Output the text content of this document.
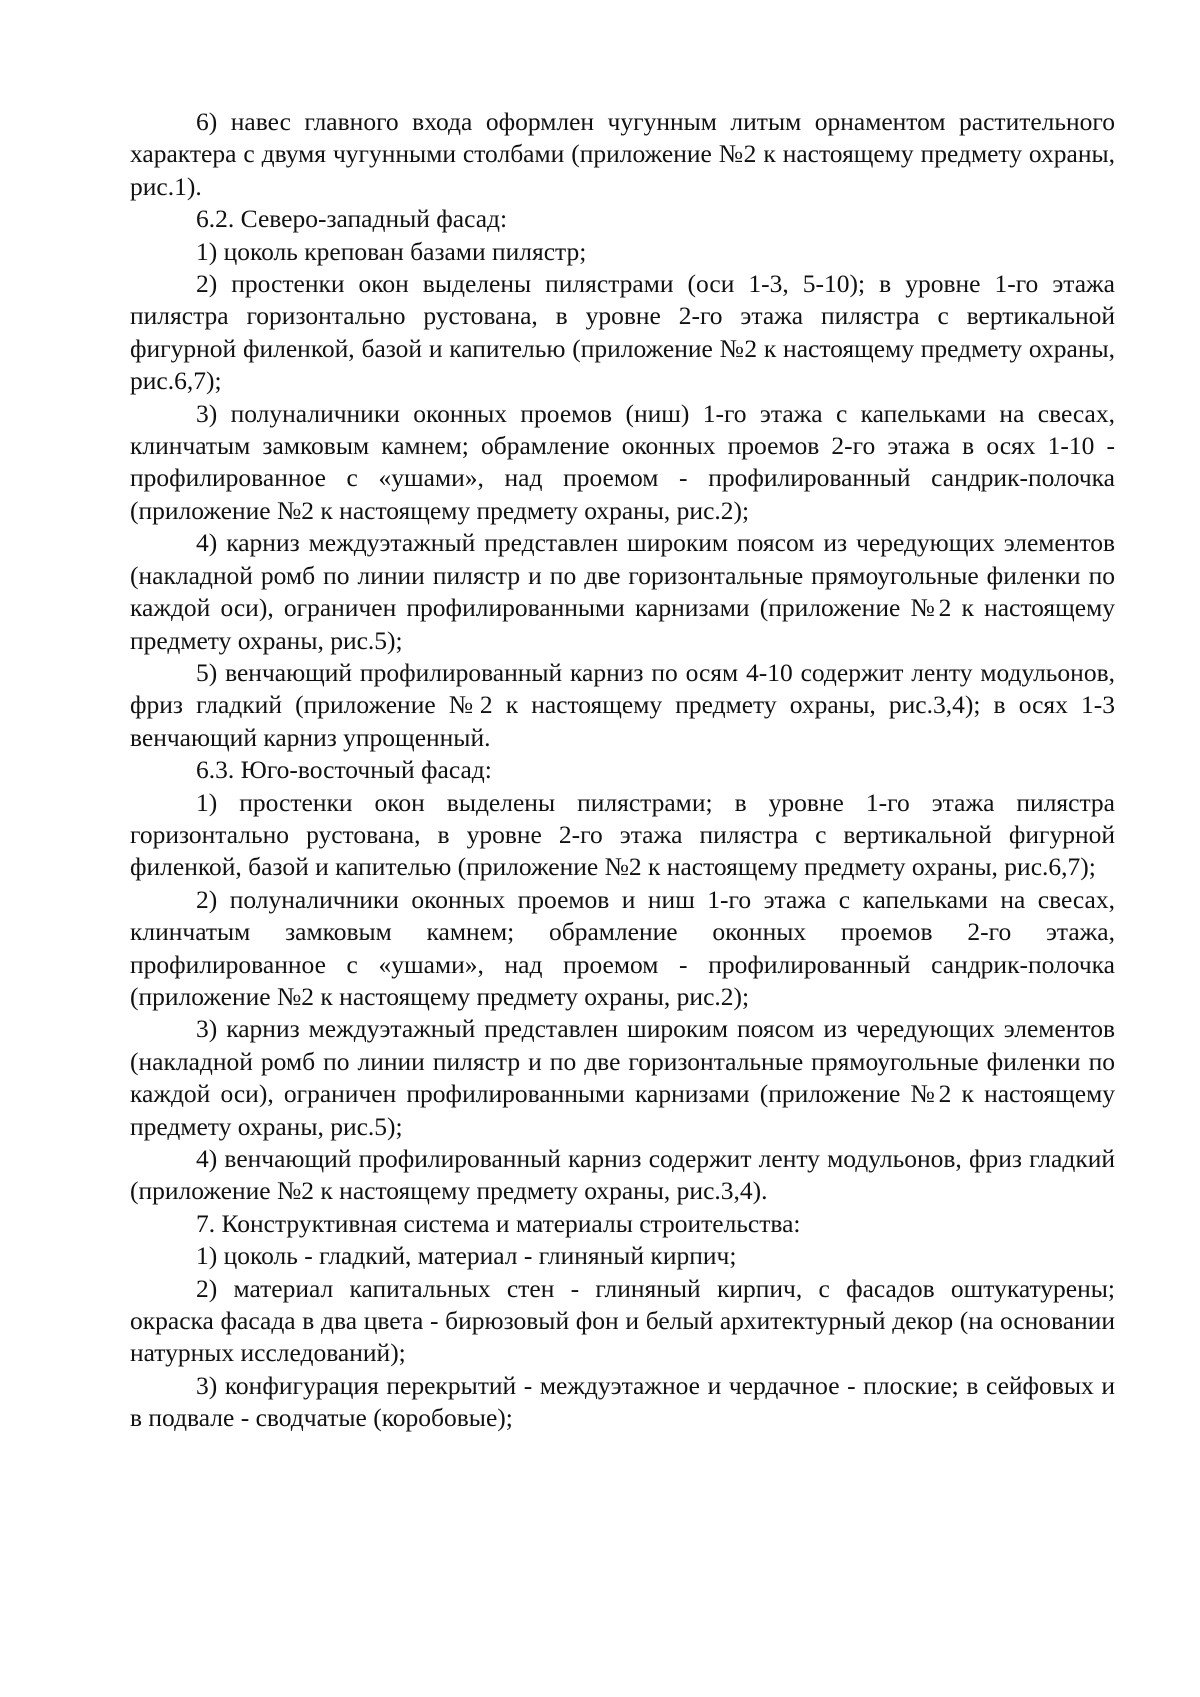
6) навес главного входа оформлен чугунным литым орнаментом растительного характера с двумя чугунными столбами (приложение №2 к настоящему предмету охраны, рис.1).

6.2. Северо-западный фасад:

1) цоколь крепован базами пилястр;

2) простенки окон выделены пилястрами (оси 1-3, 5-10); в уровне 1-го этажа пилястра горизонтально рустована, в уровне 2-го этажа пилястра с вертикальной фигурной филенкой, базой и капителью (приложение №2 к настоящему предмету охраны, рис.6,7);

3) полуналичники оконных проемов (ниш) 1-го этажа с капельками на свесах, клинчатым замковым камнем; обрамление оконных проемов 2-го этажа в осях 1-10 - профилированное с «ушами», над проемом - профилированный сандрик-полочка (приложение №2 к настоящему предмету охраны, рис.2);

4) карниз междуэтажный представлен широким поясом из чередующих элементов (накладной ромб по линии пилястр и по две горизонтальные прямоугольные филенки по каждой оси), ограничен профилированными карнизами (приложение №2 к настоящему предмету охраны, рис.5);

5) венчающий профилированный карниз по осям 4-10 содержит ленту модульонов, фриз гладкий (приложение №2 к настоящему предмету охраны, рис.3,4); в осях 1-3 венчающий карниз упрощенный.

6.3. Юго-восточный фасад:

1) простенки окон выделены пилястрами; в уровне 1-го этажа пилястра горизонтально рустована, в уровне 2-го этажа пилястра с вертикальной фигурной филенкой, базой и капителью (приложение №2 к настоящему предмету охраны, рис.6,7);

2) полуналичники оконных проемов и ниш 1-го этажа с капельками на свесах, клинчатым замковым камнем; обрамление оконных проемов 2-го этажа, профилированное с «ушами», над проемом - профилированный сандрик-полочка (приложение №2 к настоящему предмету охраны, рис.2);

3) карниз междуэтажный представлен широким поясом из чередующих элементов (накладной ромб по линии пилястр и по две горизонтальные прямоугольные филенки по каждой оси), ограничен профилированными карнизами (приложение №2 к настоящему предмету охраны, рис.5);

4) венчающий профилированный карниз содержит ленту модульонов, фриз гладкий (приложение №2 к настоящему предмету охраны, рис.3,4).

7. Конструктивная система и материалы строительства:

1) цоколь - гладкий, материал - глиняный кирпич;

2) материал капитальных стен - глиняный кирпич, с фасадов оштукатурены; окраска фасада в два цвета - бирюзовый фон и белый архитектурный декор (на основании натурных исследований);

3) конфигурация перекрытий - междуэтажное и чердачное - плоские; в сейфовых и в подвале - сводчатые (коробовые);
